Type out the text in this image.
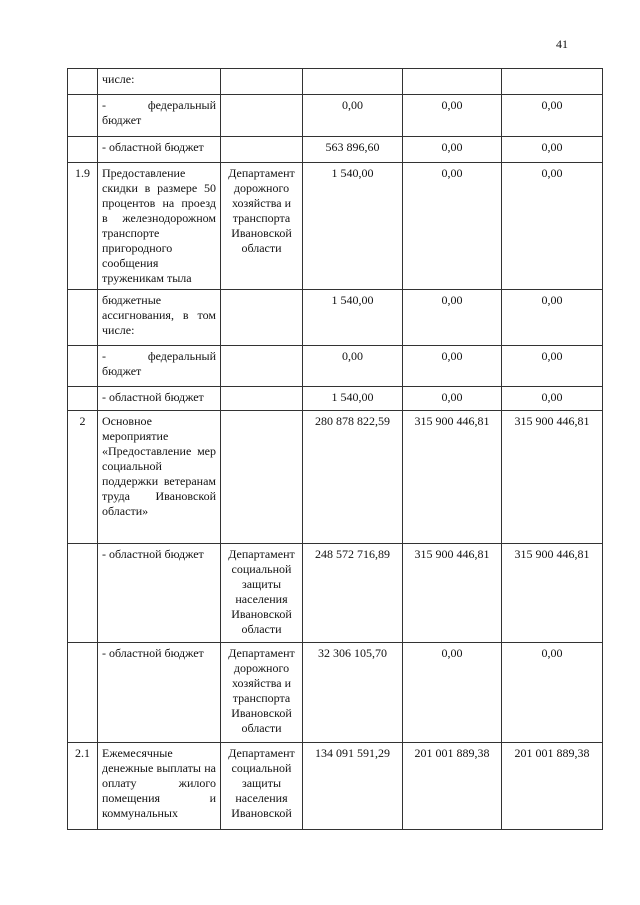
41
	числе:				
	- федеральный бюджет		0,00	0,00	0,00
	- областной бюджет		563 896,60	0,00	0,00
1.9	Предоставление скидки в размере 50 процентов на проезд в железнодорожном транспорте пригородного сообщения труженикам тыла	Департамент дорожного хозяйства и транспорта Ивановской области	1 540,00	0,00	0,00
	бюджетные ассигнования, в том числе:		1 540,00	0,00	0,00
	- федеральный бюджет		0,00	0,00	0,00
	- областной бюджет		1 540,00	0,00	0,00
2	Основное мероприятие «Предоставление мер социальной поддержки ветеранам труда Ивановской области»		280 878 822,59	315 900 446,81	315 900 446,81
	- областной бюджет	Департамент социальной защиты населения Ивановской области	248 572 716,89	315 900 446,81	315 900 446,81
	- областной бюджет	Департамент дорожного хозяйства и транспорта Ивановской области	32 306 105,70	0,00	0,00
2.1	Ежемесячные денежные выплаты на оплату жилого помещения и коммунальных	Департамент социальной защиты населения Ивановской	134 091 591,29	201 001 889,38	201 001 889,38
